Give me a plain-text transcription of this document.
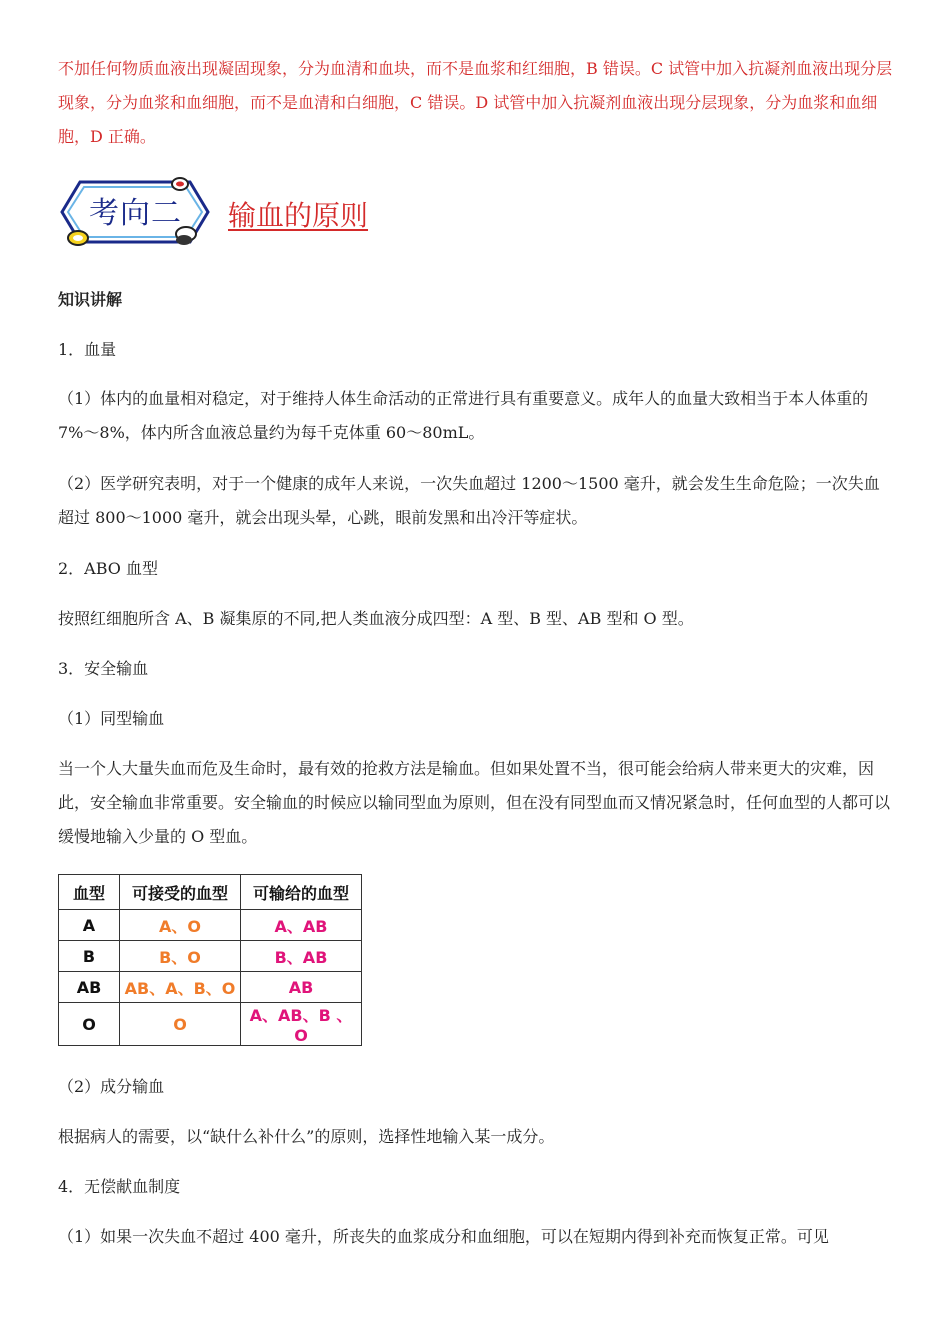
不加任何物质血液出现凝固现象，分为血清和血块，而不是血浆和红细胞，B 错误。C 试管中加入抗凝剂血液出现分层现象，分为血浆和血细胞，而不是血清和白细胞，C 错误。D 试管中加入抗凝剂血液出现分层现象，分为血浆和血细胞，D 正确。

考向二	输血的原则

知识讲解

1．血量

（1）体内的血量相对稳定，对于维持人体生命活动的正常进行具有重要意义。成年人的血量大致相当于本人体重的 7%～8%，体内所含血液总量约为每千克体重 60～80mL。

（2）医学研究表明，对于一个健康的成年人来说，一次失血超过 1200～1500 毫升，就会发生生命危险；一次失血超过 800～1000 毫升，就会出现头晕，心跳，眼前发黑和出冷汗等症状。

2．ABO 血型

按照红细胞所含 A、B 凝集原的不同,把人类血液分成四型：A 型、B 型、AB 型和 O 型。

3．安全输血

（1）同型输血

当一个人大量失血而危及生命时，最有效的抢救方法是输血。但如果处置不当，很可能会给病人带来更大的灾难，因此，安全输血非常重要。安全输血的时候应以输同型血为原则，但在没有同型血而又情况紧急时，任何血型的人都可以缓慢地输入少量的 O 型血。

血型	可接受的血型	可输给的血型
A	A、O	A、AB
B	B、O	B、AB
AB	AB、A、B、O	AB
O	O	A、AB、B 、O

（2）成分输血

根据病人的需要，以“缺什么补什么”的原则，选择性地输入某一成分。

4．无偿献血制度

（1）如果一次失血不超过 400 毫升，所丧失的血浆成分和血细胞，可以在短期内得到补充而恢复正常。可见
